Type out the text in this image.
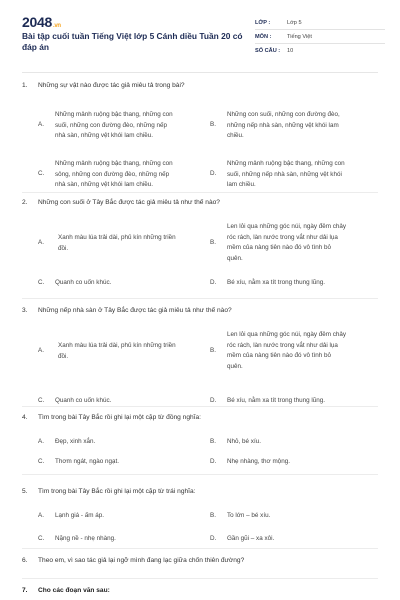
2048.vn
Bài tập cuối tuần Tiếng Việt lớp 5 Cánh diều Tuần 20 có đáp án
LỚP :	Lớp 5
MÔN :	Tiếng Việt
SỐ CÂU :	10
1. Những sự vật nào được tác giả miêu tả trong bài?
A.
Những mảnh ruộng bậc thang, những con
suối, những con đường đèo, những nếp
nhà sàn, những vệt khói lam chiều.
B.
Những con suối, những con đường đèo,
những nếp nhà sàn, những vệt khói lam
chiều.
C.
Những mảnh ruộng bậc thang, những con
sông, những con đường đèo, những nếp
nhà sàn, những vệt khói lam chiều.
D.
Những mảnh ruộng bậc thang, những con
suối, những nếp nhà sàn, những vệt khói
lam chiều.
2. Những con suối ở Tây Bắc được tác giả miêu tả như thế nào?
A.
Xanh màu lúa trải dài, phủ kín những triền
đồi.
B.
Len lỏi qua những góc núi, ngày đêm chảy
róc rách, làn nước trong vắt như dải lụa
mềm của nàng tiên nào đó vô tình bỏ
quên.
C. Quanh co uốn khúc.	D. Bé xíu, nằm xa tít trong thung lũng.
3. Những nếp nhà sàn ở Tây Bắc được tác giả miêu tả như thế nào?
A.
Xanh màu lúa trải dài, phủ kín những triền
đồi.
B.
Len lỏi qua những góc núi, ngày đêm chảy
róc rách, làn nước trong vắt như dải lụa
mềm của nàng tiên nào đó vô tình bỏ
quên.
C. Quanh co uốn khúc.	D. Bé xíu, nằm xa tít trong thung lũng.
4. Tìm trong bài Tây Bắc rồi ghi lại một cặp từ đồng nghĩa:
A. Đẹp, xinh xắn.	B. Nhỏ, bé xíu.
C. Thơm ngát, ngào ngạt.	D. Nhẹ nhàng, thơ mộng.
5. Tìm trong bài Tây Bắc rồi ghi lại một cặp từ trái nghĩa:
A. Lạnh giá - ấm áp.	B. To lớn – bé xíu.
C. Nặng nề - nhẹ nhàng.	D. Gần gũi – xa xôi.
6. Theo em, vì sao tác giả lại ngỡ mình đang lạc giữa chốn thiên đường?
7. Cho các đoạn văn sau:
